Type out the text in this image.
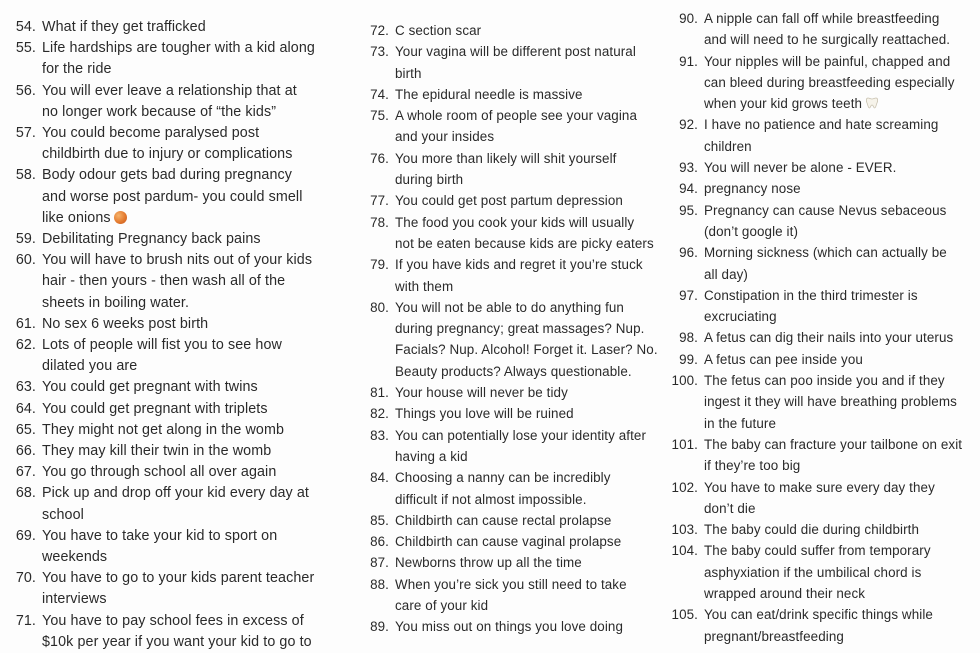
54. What if they get trafficked
55. Life hardships are tougher with a kid along
for the ride
56. You will ever leave a relationship that at
no longer work because of “the kids”
57. You could become paralysed post
childbirth due to injury or complications
58. Body odour gets bad during pregnancy
and worse post pardum- you could smell
like onions
59. Debilitating Pregnancy back pains
60. You will have to brush nits out of your kids
hair - then yours - then wash all of the
sheets in boiling water.
61. No sex 6 weeks post birth
62. Lots of people will fist you to see how
dilated you are
63. You could get pregnant with twins
64. You could get pregnant with triplets
65. They might not get along in the womb
66. They may kill their twin in the womb
67. You go through school all over again
68. Pick up and drop off your kid every day at
school
69. You have to take your kid to sport on
weekends
70. You have to go to your kids parent teacher
interviews
71. You have to pay school fees in excess of
$10k per year if you want your kid to go to
72. C section scar
73. Your vagina will be different post natural
birth
74. The epidural needle is massive
75. A whole room of people see your vagina
and your insides
76. You more than likely will shit yourself
during birth
77. You could get post partum depression
78. The food you cook your kids will usually
not be eaten because kids are picky eaters
79. If you have kids and regret it you’re stuck
with them
80. You will not be able to do anything fun
during pregnancy; great massages? Nup.
Facials? Nup. Alcohol! Forget it. Laser? No.
Beauty products? Always questionable.
81. Your house will never be tidy
82. Things you love will be ruined
83. You can potentially lose your identity after
having a kid
84. Choosing a nanny can be incredibly
difficult if not almost impossible.
85. Childbirth can cause rectal prolapse
86. Childbirth can cause vaginal prolapse
87. Newborns throw up all the time
88. When you’re sick you still need to take
care of your kid
89. You miss out on things you love doing
90. A nipple can fall off while breastfeeding
and will need to he surgically reattached.
91. Your nipples will be painful, chapped and
can bleed during breastfeeding especially
when your kid grows teeth
92. I have no patience and hate screaming
children
93. You will never be alone - EVER.
94. pregnancy nose
95. Pregnancy can cause Nevus sebaceous
(don’t google it)
96. Morning sickness (which can actually be
all day)
97. Constipation in the third trimester is
excruciating
98. A fetus can dig their nails into your uterus
99. A fetus can pee inside you
100. The fetus can poo inside you and if they
ingest it they will have breathing problems
in the future
101. The baby can fracture your tailbone on exit
if they’re too big
102. You have to make sure every day they
don’t die
103. The baby could die during childbirth
104. The baby could suffer from temporary
asphyxiation if the umbilical chord is
wrapped around their neck
105. You can eat/drink specific things while
pregnant/breastfeeding
